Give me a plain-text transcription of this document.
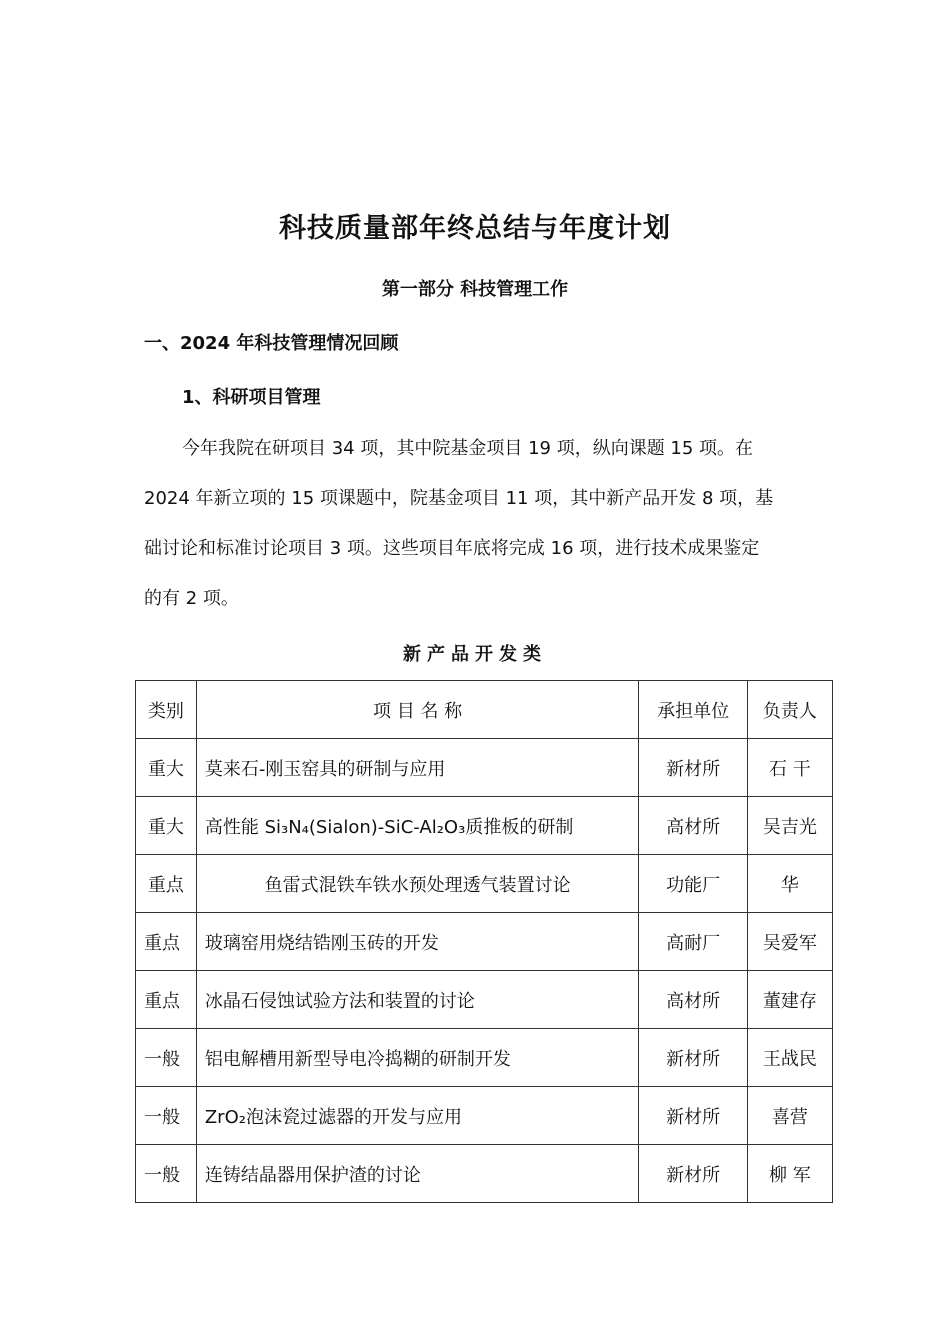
科技质量部年终总结与年度计划
第一部分 科技管理工作
一、2024 年科技管理情况回顾
1、科研项目管理
今年我院在研项目 34 项，其中院基金项目 19 项，纵向课题 15 项。在
2024 年新立项的 15 项课题中，院基金项目 11 项，其中新产品开发 8 项，基
础讨论和标准讨论项目 3 项。这些项目年底将完成 16 项，进行技术成果鉴定
的有 2 项。
新产品开发类
类别	项 目 名 称	承担单位	负责人
重大	莫来石-刚玉窑具的研制与应用	新材所	石 干
重大	高性能 Si₃N₄(Sialon)-SiC-Al₂O₃质推板的研制	高材所	吴吉光
重点	鱼雷式混铁车铁水预处理透气装置讨论	功能厂	华
重点	玻璃窑用烧结锆刚玉砖的开发	高耐厂	吴爱军
重点	冰晶石侵蚀试验方法和装置的讨论	高材所	董建存
一般	铝电解槽用新型导电冷捣糊的研制开发	新材所	王战民
一般	ZrO₂泡沫瓷过滤器的开发与应用	新材所	喜营
一般	连铸结晶器用保护渣的讨论	新材所	柳 军
